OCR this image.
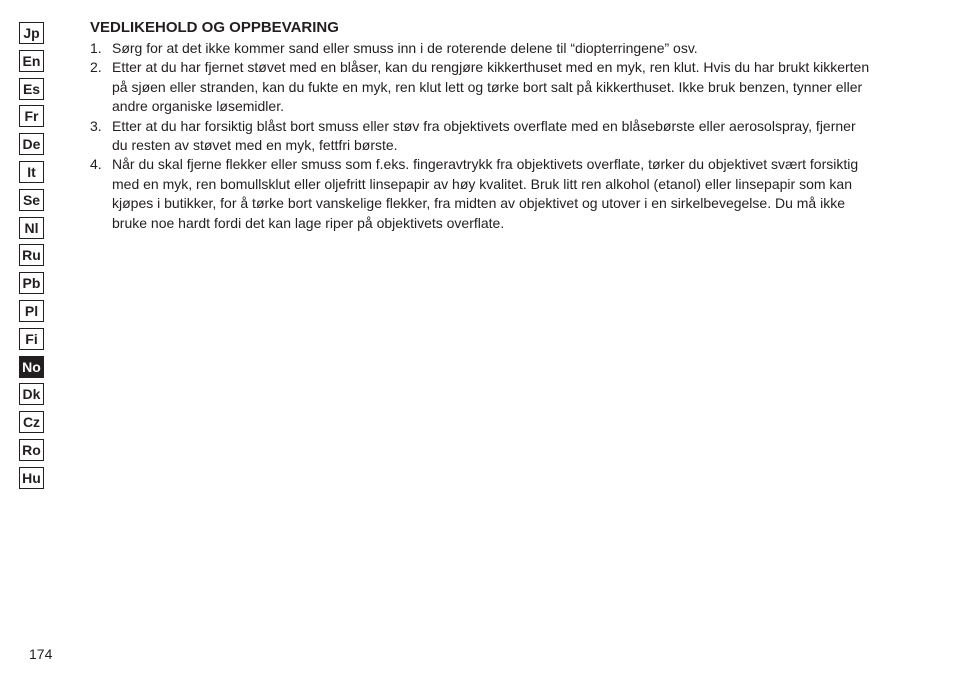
Jp
En
Es
Fr
De
It
Se
Nl
Ru
Pb
Pl
Fi
No
Dk
Cz
Ro
Hu
VEDLIKEHOLD OG OPPBEVARING
1. Sørg for at det ikke kommer sand eller smuss inn i de roterende delene til “diopterringene” osv.
2. Etter at du har fjernet støvet med en blåser, kan du rengjøre kikkerthuset med en myk, ren klut. Hvis du har brukt kikkerten på sjøen eller stranden, kan du fukte en myk, ren klut lett og tørke bort salt på kikkerthuset. Ikke bruk benzen, tynner eller andre organiske løsemidler.
3. Etter at du har forsiktig blåst bort smuss eller støv fra objektivets overflate med en blåsebørste eller aerosolspray, fjerner du resten av støvet med en myk, fettfri børste.
4. Når du skal fjerne flekker eller smuss som f.eks. fingeravtrykk fra objektivets overflate, tørker du objektivet svært forsiktig med en myk, ren bomullsklut eller oljefritt linsepapir av høy kvalitet. Bruk litt ren alkohol (etanol) eller linsepapir som kan kjøpes i butikker, for å tørke bort vanskelige flekker, fra midten av objektivet og utover i en sirkelbevegelse. Du må ikke bruke noe hardt fordi det kan lage riper på objektivets overflate.
174
